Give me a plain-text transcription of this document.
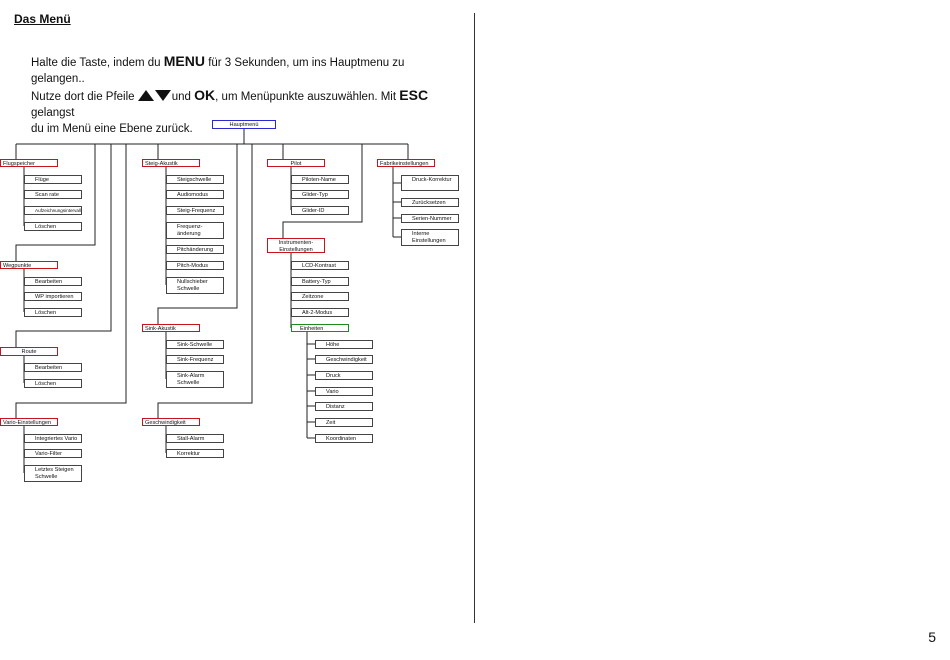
Das Menü
Halte die Taste, indem du MENU für 3 Sekunden, um ins Hauptmenu zu gelangen..
Nutze dort die Pfeile	und OK, um Menüpunkte auszuwählen. Mit ESC gelangst
du im Menü eine Ebene zurück.	Hauptmenü
Flugspeicher
Flüge
Scan rate
Aufzeichnungsintervall
Löschen
Wegpunkte
Bearbeiten
WP importieren
Löschen
Route
Bearbeiten
Löschen
Vario-Einstellungen
Integriertes Vario
Vario-Filter
Letztes Steigen Schwelle
Steig-Akustik
Steigschwelle
Audiomodus
Steig-Frequenz
Frequenz-änderung
Pitchänderung
Pitch-Modus
Nullschieber Schwelle
Sink-Akustik
Sink-Schwelle
Sink-Frequenz
Sink-Alarm Schwelle
Geschwindigkeit
Stall-Alarm
Korrektur
Pilot
Piloten-Name
Glider-Typ
Glider-ID
Instrumenten-Einstellungen
LCD-Kontrast
Battery-Typ
Zeitzone
Alt-2-Modus
Einheiten
Höhe
Geschwindigkeit
Druck
Vario
Distanz
Zeit
Koordinaten
Fabrikeinstellungen
Druck-Korrektur
Zurücksetzen
Serien-Nummer
Interne Einstellungen
5
